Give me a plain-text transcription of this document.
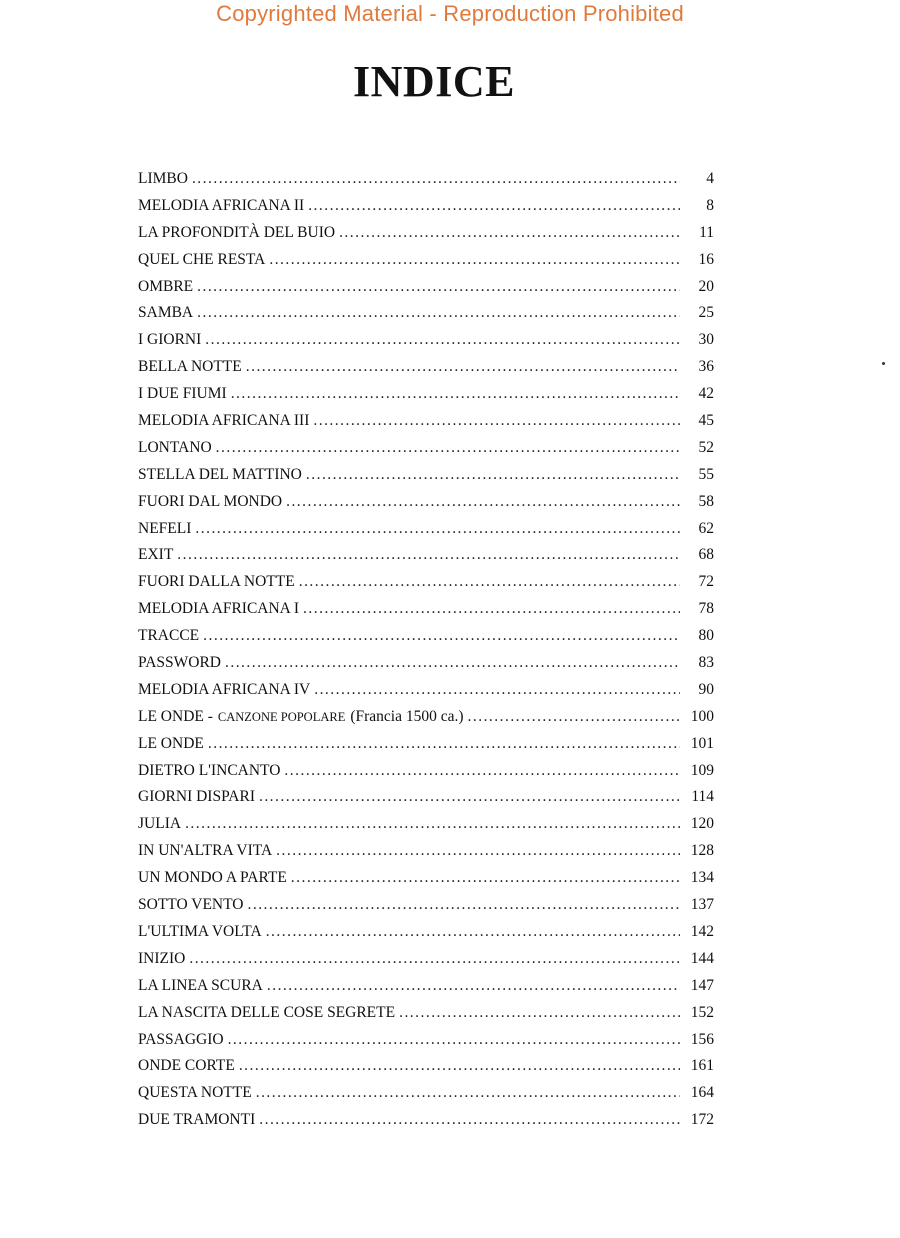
Copyrighted Material - Reproduction Prohibited
INDICE
LIMBO . . .	4
MELODIA AFRICANA II . . .	8
LA PROFONDITÀ DEL BUIO . . .	11
QUEL CHE RESTA . . .	16
OMBRE . . .	20
SAMBA . . .	25
I GIORNI . . .	30
BELLA NOTTE . . .	36
I DUE FIUMI . . .	42
MELODIA AFRICANA III . . .	45
LONTANO . . .	52
STELLA DEL MATTINO . . .	55
FUORI DAL MONDO . . .	58
NEFELI . . .	62
EXIT . . .	68
FUORI DALLA NOTTE . . .	72
MELODIA AFRICANA I . . .	78
TRACCE . . .	80
PASSWORD . . .	83
MELODIA AFRICANA IV . . .	90
LE ONDE - CANZONE POPOLARE (Francia 1500 ca.) . . .	100
LE ONDE . . .	101
DIETRO L'INCANTO . . .	109
GIORNI DISPARI . . .	114
JULIA . . .	120
IN UN'ALTRA VITA . . .	128
UN MONDO A PARTE . . .	134
SOTTO VENTO . . .	137
L'ULTIMA VOLTA . . .	142
INIZIO . . .	144
LA LINEA SCURA . . .	147
LA NASCITA DELLE COSE SEGRETE . . .	152
PASSAGGIO . . .	156
ONDE CORTE . . .	161
QUESTA NOTTE . . .	164
DUE TRAMONTI . . .	172
